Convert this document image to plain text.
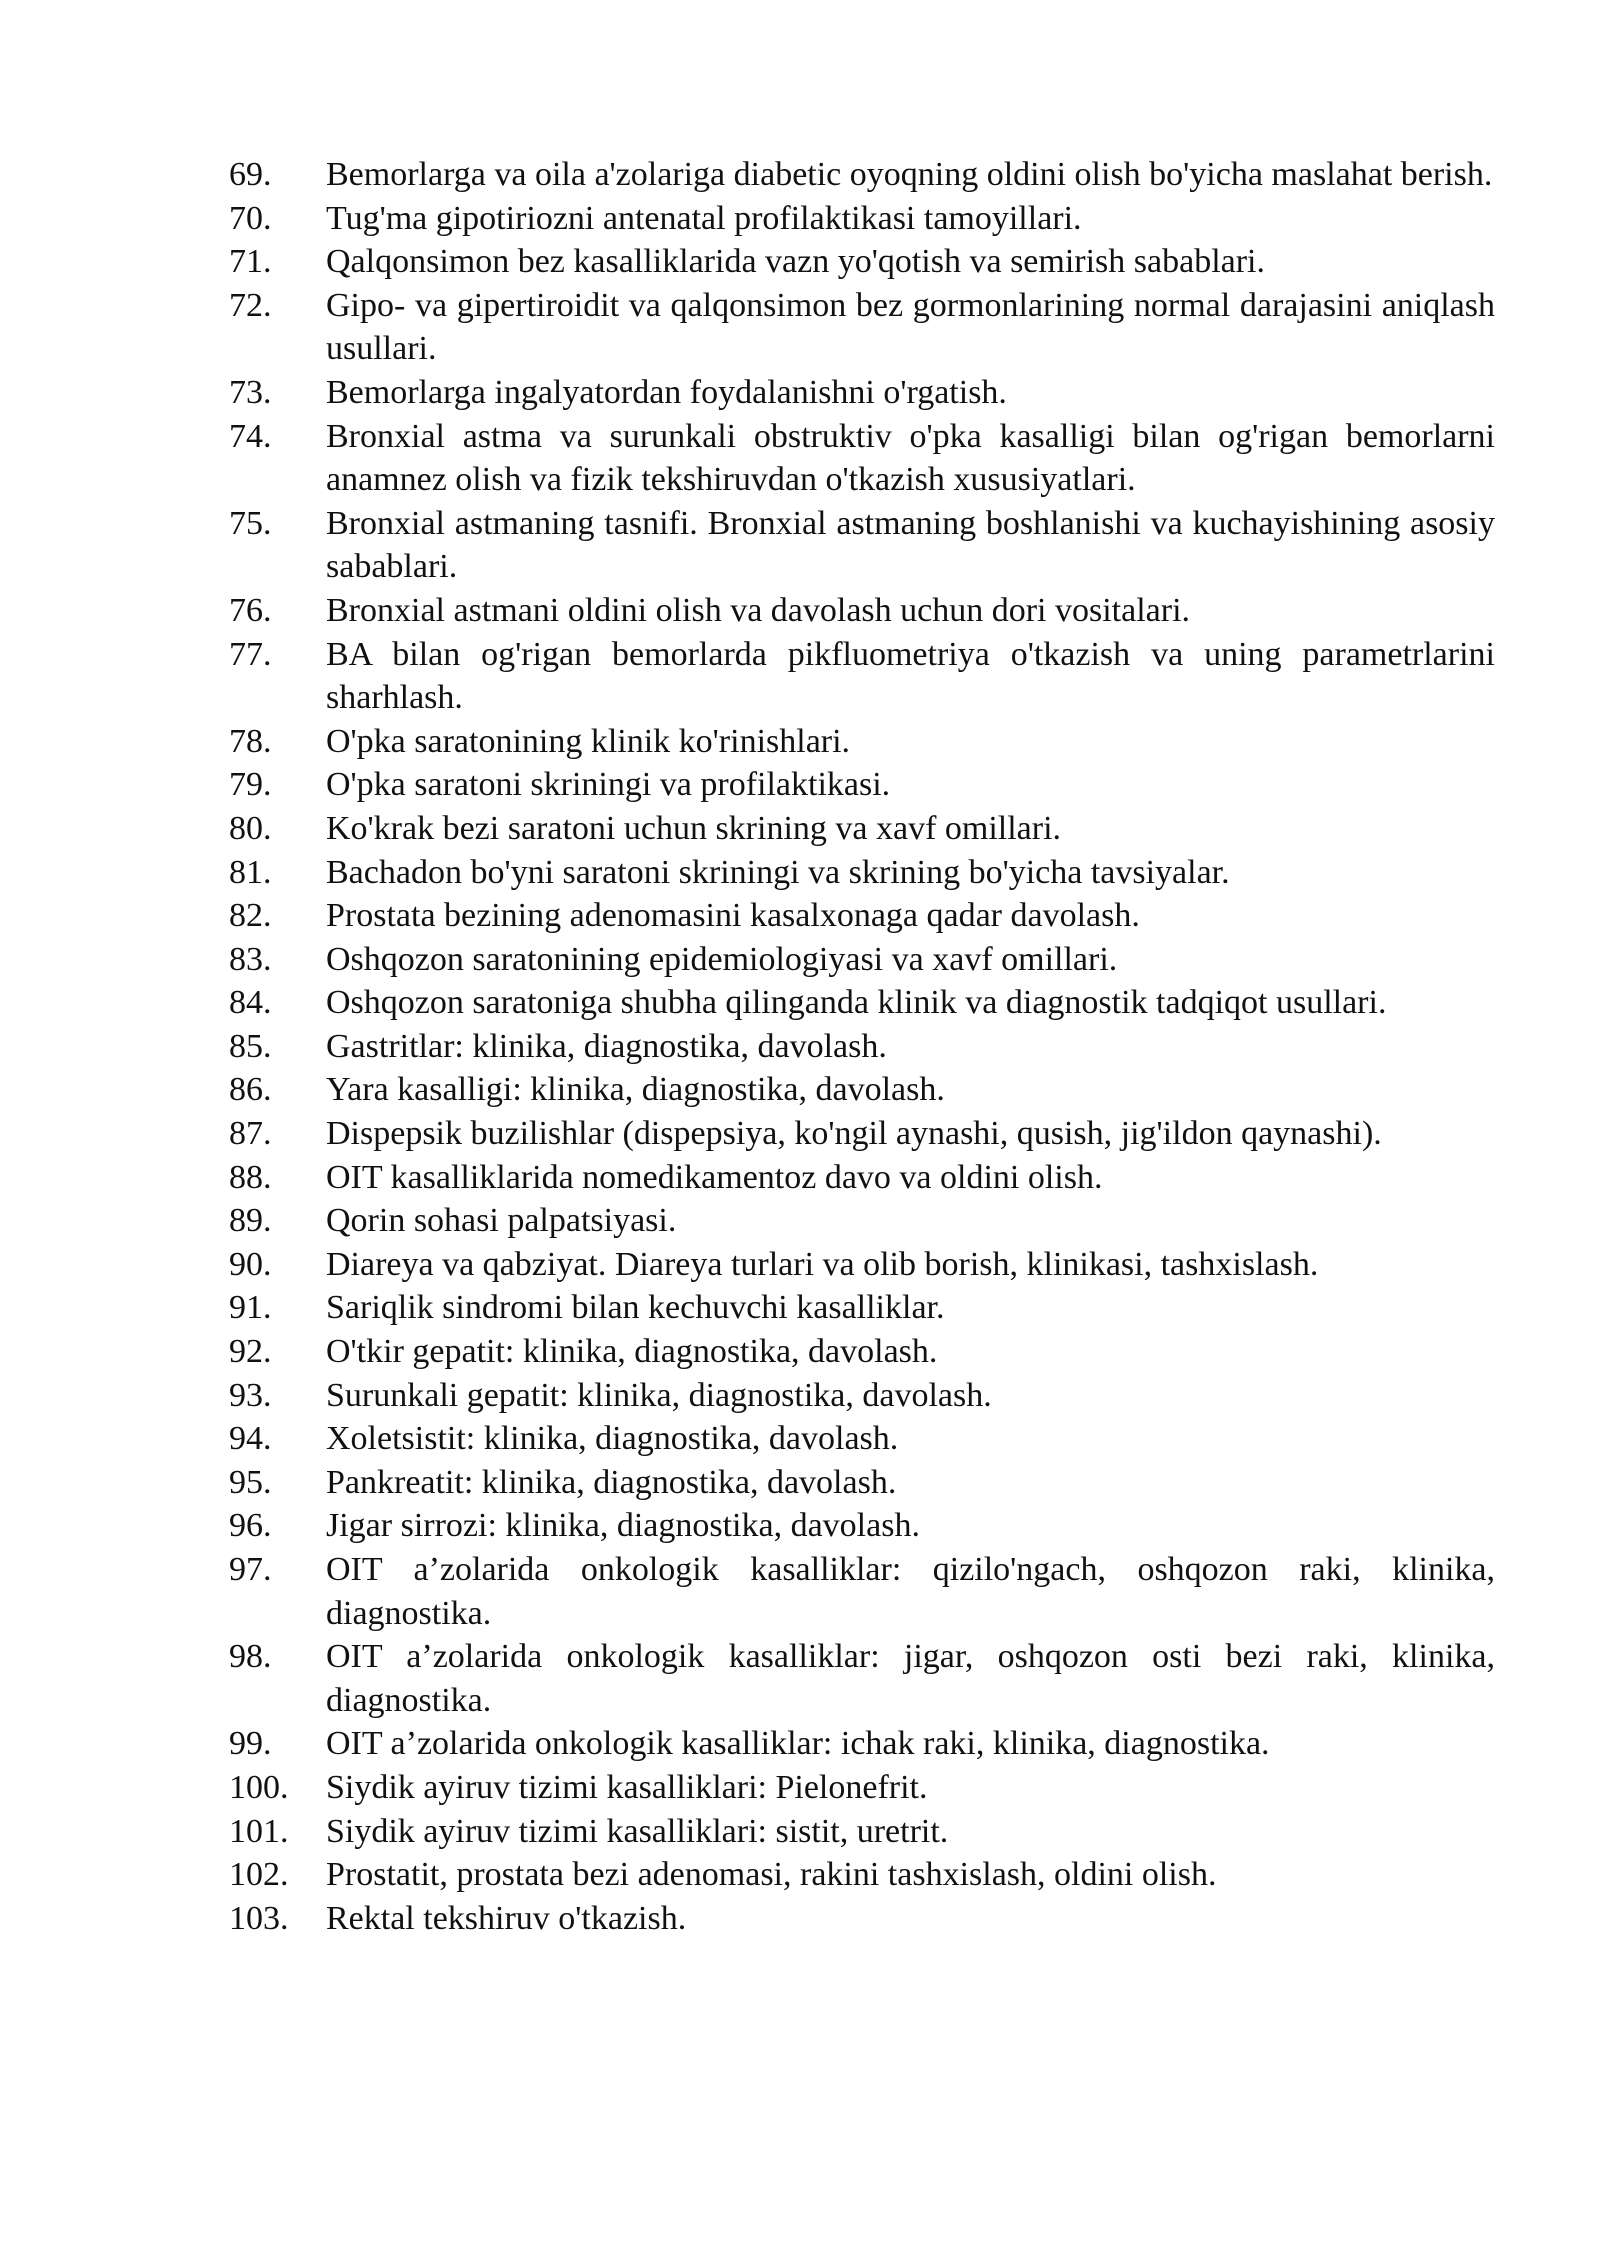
69.	Bemorlarga va oila a'zolariga diabetic oyoqning oldini olish bo'yicha maslahat berish.
70.	Tug'ma gipotiriozni antenatal profilaktikasi tamoyillari.
71.	Qalqonsimon bez kasalliklarida vazn yo'qotish va semirish sabablari.
72.	Gipo- va gipertiroidit va qalqonsimon bez gormonlarining normal darajasini aniqlash usullari.
73.	Bemorlarga ingalyatordan foydalanishni o'rgatish.
74.	Bronxial astma va surunkali obstruktiv o'pka kasalligi bilan og'rigan bemorlarni anamnez olish va fizik tekshiruvdan o'tkazish xususiyatlari.
75.	Bronxial astmaning tasnifi. Bronxial astmaning boshlanishi va kuchayishining asosiy sabablari.
76.	Bronxial astmani oldini olish va davolash uchun dori vositalari.
77.	BA bilan og'rigan bemorlarda pikfluometriya o'tkazish va uning parametrlarini sharhlash.
78.	O'pka saratonining klinik ko'rinishlari.
79.	O'pka saratoni skriningi va profilaktikasi.
80.	Ko'krak bezi saratoni uchun skrining va xavf omillari.
81.	Bachadon bo'yni saratoni skriningi va skrining bo'yicha tavsiyalar.
82.	Prostata bezining adenomasini kasalxonaga qadar davolash.
83.	Oshqozon saratonining epidemiologiyasi va xavf omillari.
84.	Oshqozon saratoniga shubha qilinganda klinik va diagnostik tadqiqot usullari.
85.	Gastritlar: klinika, diagnostika, davolash.
86.	Yara kasalligi: klinika, diagnostika, davolash.
87.	Dispepsik buzilishlar (dispepsiya, ko'ngil aynashi, qusish, jig'ildon qaynashi).
88.	OIT kasalliklarida nomedikamentoz davo va oldini olish.
89.	Qorin sohasi palpatsiyasi.
90.	Diareya va qabziyat. Diareya turlari va olib borish, klinikasi, tashxislash.
91.	Sariqlik sindromi bilan kechuvchi kasalliklar.
92.	O'tkir gepatit: klinika, diagnostika, davolash.
93.	Surunkali gepatit: klinika, diagnostika, davolash.
94.	Xoletsistit: klinika, diagnostika, davolash.
95.	Pankreatit: klinika, diagnostika, davolash.
96.	Jigar sirrozi: klinika, diagnostika, davolash.
97.	OIT a’zolarida onkologik kasalliklar: qizilo'ngach, oshqozon raki, klinika, diagnostika.
98.	OIT a’zolarida onkologik kasalliklar: jigar, oshqozon osti bezi raki, klinika, diagnostika.
99.	OIT a’zolarida onkologik kasalliklar: ichak raki, klinika, diagnostika.
100.	Siydik ayiruv tizimi kasalliklari: Pielonefrit.
101.	Siydik ayiruv tizimi kasalliklari: sistit, uretrit.
102.	Prostatit, prostata bezi adenomasi, rakini tashxislash, oldini olish.
103.	Rektal tekshiruv o'tkazish.
